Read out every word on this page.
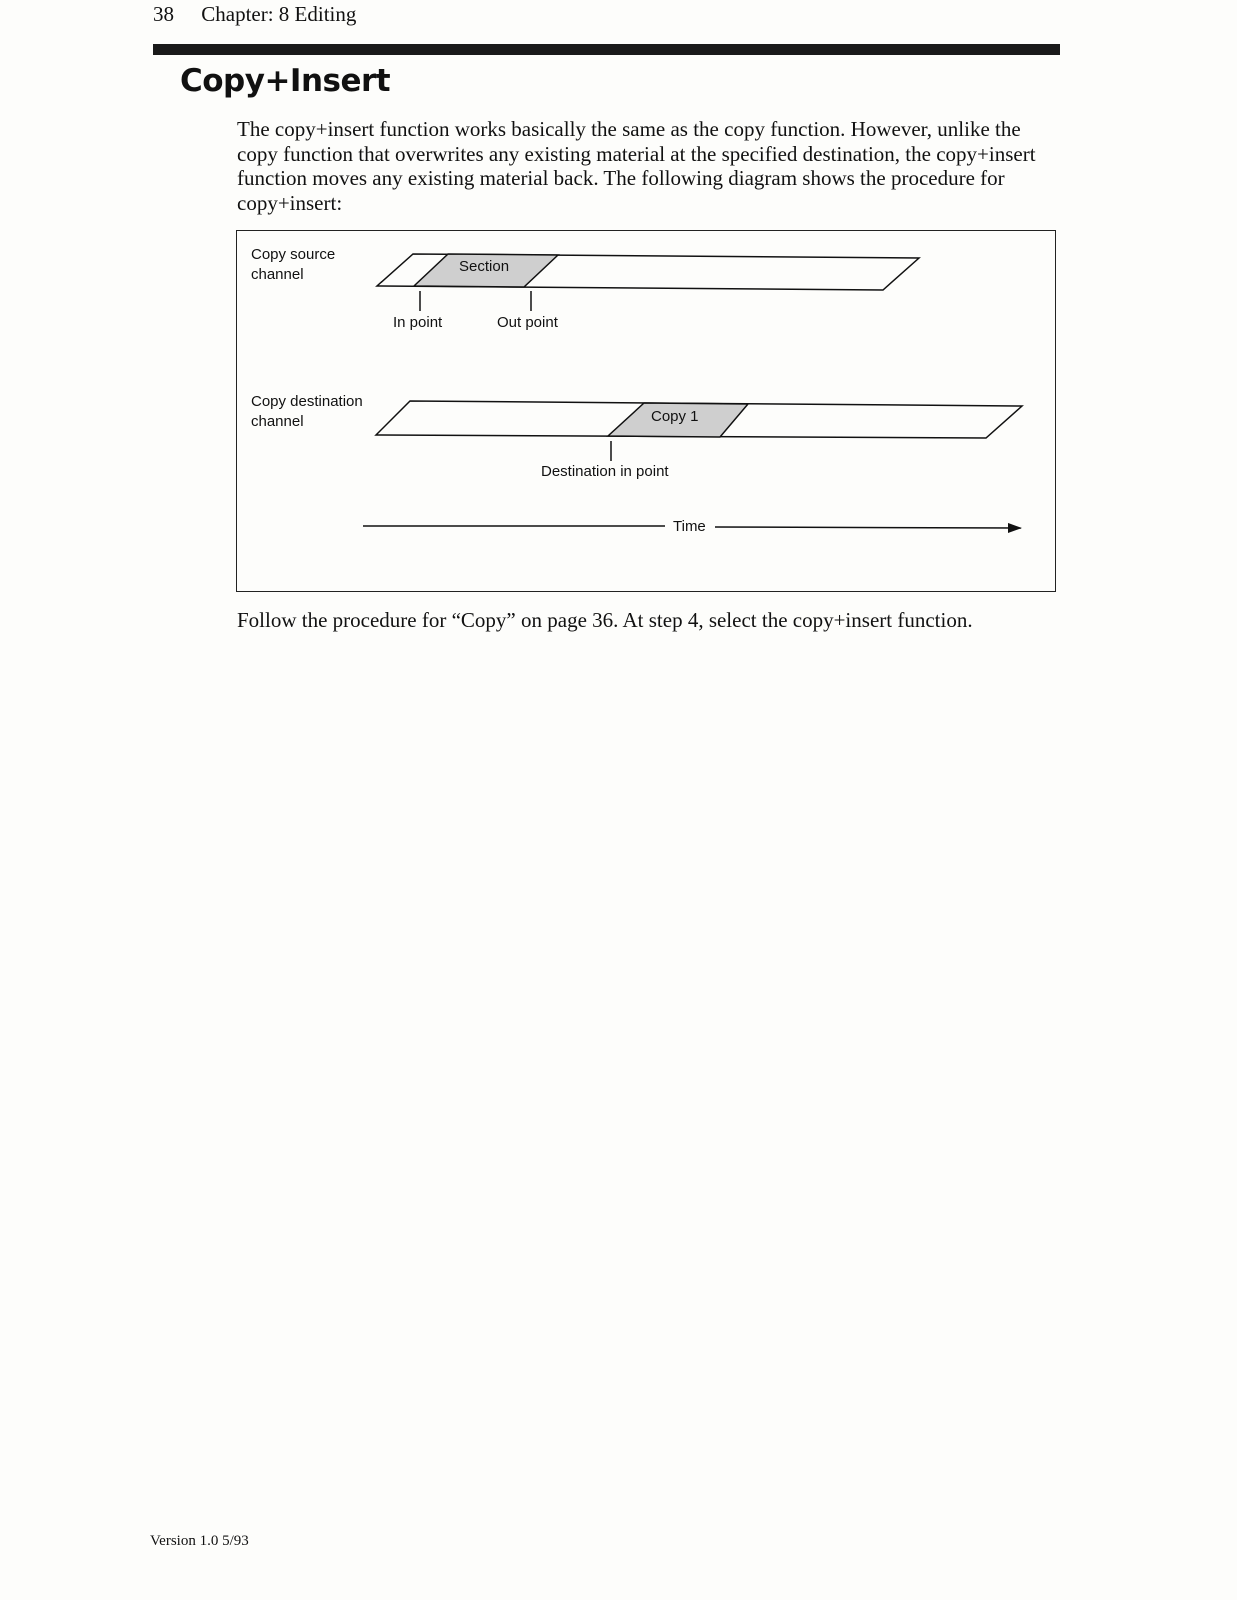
38 Chapter: 8 Editing
Copy+Insert

The copy+insert function works basically the same as the copy function. However, unlike the copy function that overwrites any existing material at the specified destination, the copy+insert function moves any existing material back. The following diagram shows the procedure for copy+insert:

Copy source
channel	Section
In point	Out point
Copy destination
channel	Copy 1
Destination in point
Time

Follow the procedure for “Copy” on page 36. At step 4, select the copy+insert function.

Version 1.0 5/93
